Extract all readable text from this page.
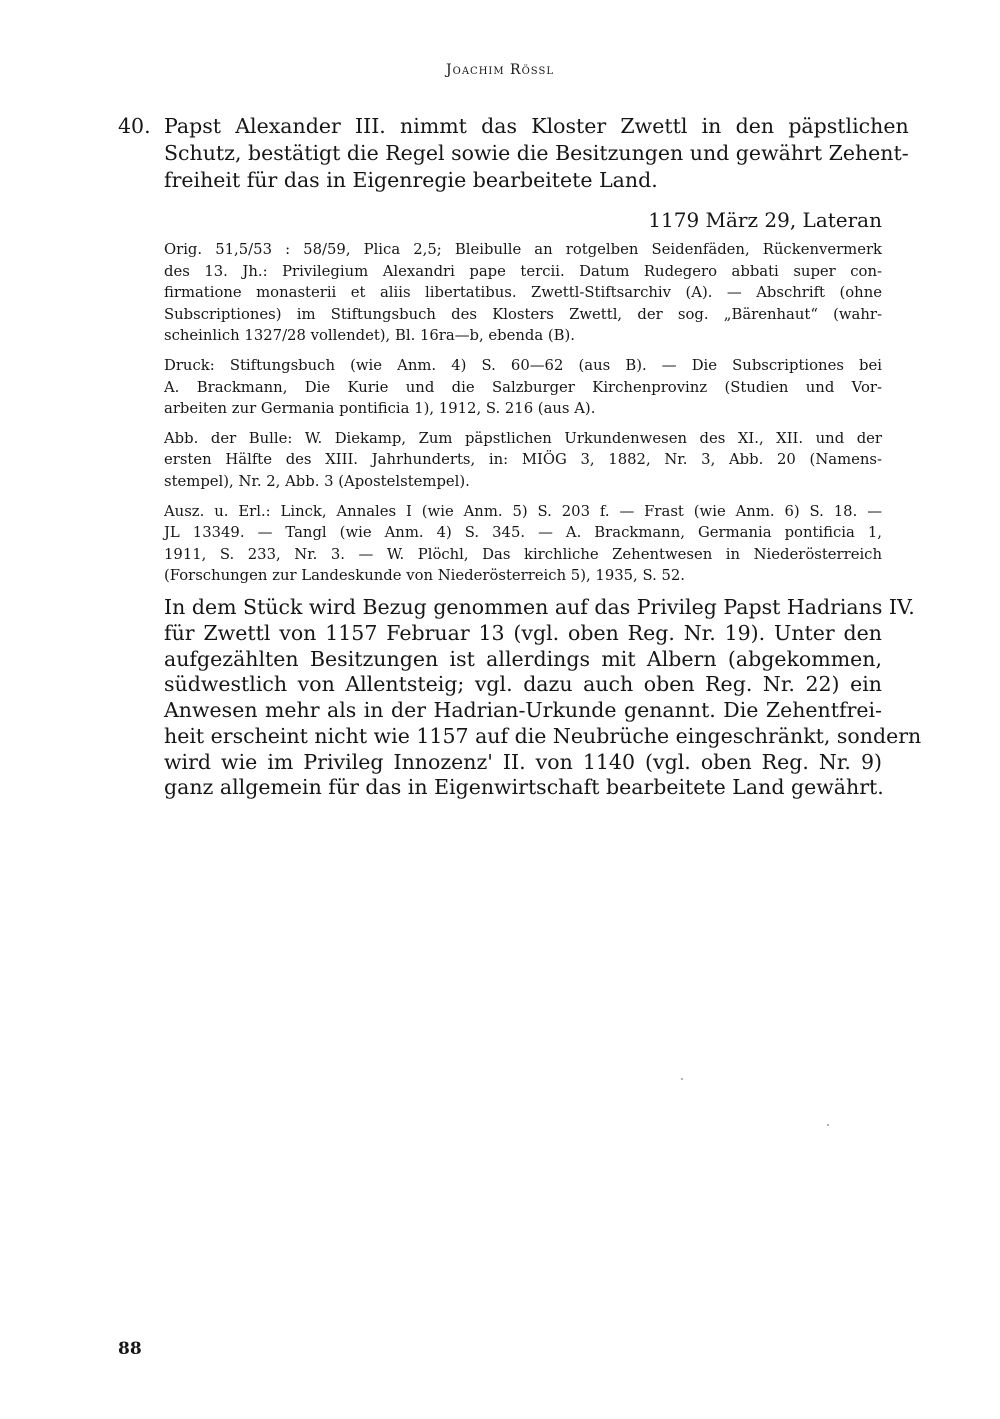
Joachim Rössl
40. Papst Alexander III. nimmt das Kloster Zwettl in den päpstlichen
Schutz, bestätigt die Regel sowie die Besitzungen und gewährt Zehent-
freiheit für das in Eigenregie bearbeitete Land.
1179 März 29, Lateran

Orig. 51,5/53 : 58/59, Plica 2,5; Bleibulle an rotgelben Seidenfäden, Rückenvermerk
des 13. Jh.: Privilegium Alexandri pape tercii. Datum Rudegero abbati super con-
firmatione monasterii et aliis libertatibus. Zwettl-Stiftsarchiv (A). — Abschrift (ohne
Subscriptiones) im Stiftungsbuch des Klosters Zwettl, der sog. „Bärenhaut“ (wahr-
scheinlich 1327/28 vollendet), Bl. 16ra—b, ebenda (B).

Druck: Stiftungsbuch (wie Anm. 4) S. 60—62 (aus B). — Die Subscriptiones bei
A. Brackmann, Die Kurie und die Salzburger Kirchenprovinz (Studien und Vor-
arbeiten zur Germania pontificia 1), 1912, S. 216 (aus A).

Abb. der Bulle: W. Diekamp, Zum päpstlichen Urkundenwesen des XI., XII. und der
ersten Hälfte des XIII. Jahrhunderts, in: MIÖG 3, 1882, Nr. 3, Abb. 20 (Namens-
stempel), Nr. 2, Abb. 3 (Apostelstempel).

Ausz. u. Erl.: Linck, Annales I (wie Anm. 5) S. 203 f. — Frast (wie Anm. 6) S. 18. —
JL 13349. — Tangl (wie Anm. 4) S. 345. — A. Brackmann, Germania pontificia 1,
1911, S. 233, Nr. 3. — W. Plöchl, Das kirchliche Zehentwesen in Niederösterreich
(Forschungen zur Landeskunde von Niederösterreich 5), 1935, S. 52.

In dem Stück wird Bezug genommen auf das Privileg Papst Hadrians IV.
für Zwettl von 1157 Februar 13 (vgl. oben Reg. Nr. 19). Unter den
aufgezählten Besitzungen ist allerdings mit Albern (abgekommen,
südwestlich von Allentsteig; vgl. dazu auch oben Reg. Nr. 22) ein
Anwesen mehr als in der Hadrian-Urkunde genannt. Die Zehentfrei-
heit erscheint nicht wie 1157 auf die Neubrüche eingeschränkt, sondern
wird wie im Privileg Innozenz' II. von 1140 (vgl. oben Reg. Nr. 9)
ganz allgemein für das in Eigenwirtschaft bearbeitete Land gewährt.
88
